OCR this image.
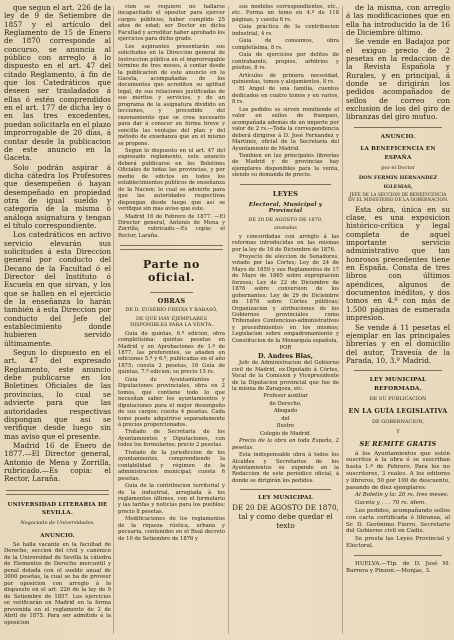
que segun el art. 226 de la ley de 9 de Setiembre de 1857 y el artículo del Reglamento de 15 de Enero de 1870 corresponde al concurso, se anuncia al público con arreglo á lo dispuesto en el art. 47 del citado Reglamento, á fin de que los Catedráticos que deseen ser trasladados á ellas ó estén comprendidos en el art. 177 de dicha ley ó en las tres excedentes, puedan solicitarla en el plazo improrrogable de 20 dias, á contar desde la publicacion de este anuncio en la Gaceta.

Solo podrán aspirar á dicha cátedra los Profesores que desempeñen ó hayan desempeñado en propiedad otra de igual sueldo y categoría de la misma ó análoga asignatura y tengan el título correspondiente.

Los catedráticos en activo servicio elevarán sus solicitudes á esta Direccion general por conducto del Decano de la Facultad ó el Director del Instituto ó Escuela en que sirvan, y los que se hallen en el ejercicio de la enseñanza lo harán también á esta Direccion por conducto del Jefe del establecimiento donde hubieren servido últimamente.

Segun lo dispuesto en el art. 47 del expresado Reglamento, este anuncio debe publicarse en los Boletines Oficiales de las provincias, lo cual se advierte para que las autoridades respectivas dispongan que así se verifique desde luego sin mas aviso que el presente.

Madrid 16 de Enero de 1877.—El Director general, Antonio de Mena y Zorrilla, rubricado.—Es copia: el Rector, Laraña.

UNIVERSIDAD LITERARIA DE SEVILLA.
Negociado de Universidades.
ANUNCIO.

Se halla vacante en la facultad de Derecho, seccion del civil y canónico de la Universidad de Sevilla la cátedra de Elementos de Derecho mercantil y penal dotada con el sueldo anual de 3000 pesetas, la cual se ha de proveer por oposicion con arreglo á lo dispuesto en el art. 226 de la ley de 9 de Setiembre de 1857. Los ejercicios se verificarán en Madrid en la forma prevenida en el reglamento de 2 de Abril de 1875. Para ser admitido á la oposicion

cion se requiere no hallarse incapacitado el opositor para ejercer cargos públicos; haber cumplido 25 años de edad; ser Doctor en dicha Facultad y acreditar haber aprobado los ejercicios para dicho grado.

Los aspirantes presentarán sus solicitudes en la Direccion general de Instruccion pública en el improrrogable término de tres meses, á contar desde la publicacion de este anuncio en la Gaceta, acompañadas de los documentos que acrediten su aptitud legal, de sus relaciones justificadas de sus méritos y servicios, y de un programa de la asignatura dividido en lecciones, y precedido del razonamiento que se crea necesario para dar á conocer en forma breve y sencilla las ventajas del plan y del método de enseñanza que en el mismo se propone.

Segun lo dispuesto en el art. 47 del expresado reglamento, este anuncio deberá publicarse en los Boletines Oficiales de todas las provincias, y por medio de edictos en todos los establecimientos públicos de enseñanza de la Nacion; lo cual se advierte para que las autoridades respectivas dispongan desde luego que así se verifique sin mas aviso que este.

Madrid 16 de Febrero de 1877. —El Director general, Antonio de Mena y Zorrilla, rubricado.—Es copia: el Rector, Laraña.

Parte no oficial.
OBRAS
DE D. EUSEBIO FREIXA Y RABASÓ,
DE QUE HAY EJEMPLARES DISPONIBLES PARA LA VENTA.

Guia de quintas, 6.ª edicion, obra completísima: quintas pesetas en Madrid y en Aprobaciones de 1.º de 1877, las preferentes, se añaden en ediciones 5.ª y 6.ª, publicadas en el año 1875; cuesta 2 pesetas, 18 Guía de quintas, 7.ª edicion; su precio 15 rs.

Guia de Ayuntamientos y Diputaciones provinciales, obra en 2 tomos, que contiene todo lo que necesitan saber los ayuntamientos y diputaciones para el mejor desempeño de sus cargos; cuesta 4 pesetas. Cada tomo puede adquirirse separadamente á precios proporcionados.

Tratado de Secretaría de los Ayuntamientos y Diputaciones, con todos los formularios; precio 2 pesetas.

Tratado de la jurisdiccion de los ayuntamientos, comprendiendo la contabilidad y régimen de la administracion municipal; cuesta 6 pesetas.

Guia de la contribucion territorial y de la industrial, arreglada á los reglamentos últimos, con el formulario y las tarifas y noticias para los pueblos; precio 8 pesetas.

Modificaciones de los reglamentos de la riqueza rústica, urbana y pecuaria, contenidos en el Real decreto de 10 de Setiembre de 1876 y

sus modelos correspondientes, etc., etc. Forma un tomo en 4.º de 118 páginas, y cuesta 6 rs.

Guia práctica de la contribucion industrial, 4 rs.

Guia de consumos, obra completísima, 8 rs.

Guía de ejercicios por delitos de contrabando, propios, arbitrios y pósitos, 8 rs.

Artículos de primera necesidad, quinientas, tomos y alojamientos, 8 rs.

El Angel de una familia, cuentos dedicados en cuatro tomos y en varios, 8 rs.

Los pedidos se sirven remitiendo el valor en sellos de franqueo, acompañada además de un importe por valor de 2 rs.—Toda la correspondencia deberá dirigirse á D. José Fernandez y Martinez, oficial de la Secretaría del Ayuntamiento de Madrid.

Tambien en las principales librerías de Madrid y de provincias hay ejemplares disponibles para la venta, siendo su demanda de precio.

LEYES
Electoral, Municipal y Provincial
DE 20 DE AGOSTO DE 1870,
anotadas

y concordadas con arreglo á las reformas introducidas en las mismas por la ley de 16 de Diciembre de 1876.

Proyecto de eleccion de Senadores, votado por las Córtes; Ley de 24 de Mayo de 1859 y sus Reglamentos de 17 de Mayo de 1865 sobre expropiacion forzosa; Ley de 22 de Diciembre de 1876 sobre conversion de los gobernantes; Ley de 29 de Diciembre de 1876 sobre Córtes públicas; Organizacion y atribuciones de los Gobiernos provinciales como Tribunales Contencioso-administrativos y procedimientos en los mismos; Legislacion sobre empadronamiento y Constitucion de la Monarquía española,

POR
D. Andres Blas,

Jefe de Administracion del Gobierno civil de Madrid, ex-Diputado á Córtes, Vocal de la Comision y Vicepresidente de la Diputacion provincial que fue de la misma de Zaragoza, etc.

Profesor auxiliar
de Derecho,
Abogado
del
Ilustre
Colegio de Madrid.

Precio de la obra en toda España, 2 pesetas.

Esta indispensable obra á todos los Alcaldes y Secretarios de los Ayuntamientos se expende en la Redaccion de este periódico oficial, á donde se dirigirán los pedidos.

LEY MUNICIPAL
DE 20 DE AGOSTO DE 1870,
tal y como debe quedar el texto

de la misma, con arreglo á las modificaciones que en ella ha introducido la de 16 de Diciembre último.

Se vende en Badajoz por el exiguo precio de 2 pesetas en la redaccion de la Revista Española y Rurales, y en principal, á donde se dirigirán los pedidos acompañados de sellos de correo con exclusion de los del giro de libranzas del giro mutuo.

ANUNCIO.
LA BENEFICENCIA EN ESPAÑA
por el Doctor
DON FERMIN HERNANDEZ IGLESIAS,
JEFE DE LA SECCION DE BENEFICENCIA EN EL MINISTERIO DE LA GOBERNACION.

Esta obra, única en su clase, es una exposicion histórico-crítica y legal completa de aquel importante servicio administrativo que tan honrosos precedentes tiene en España. Consta de tres libros con últimos apéndices, algunos de documentos inéditos, y dos tomos en 4.º con más de 1.500 páginas de esmerada impresion.

Se vende á 11 pesetas el ejemplar en las principales librerías y en el domicilio del autor, Travesía de la Parada, 10, 3.º Madrid.

LEY MUNICIPAL REFORMADA.
DE SU PUBLICACION
EN LA GUÍA LEGISLATIVA
DE GOBERNACION,
Y
SE REMITE GRATIS

á los Ayuntamientos que estén suscritos á la obra ó se suscriban hasta 1.º de Febrero. Para los no suscritores, 3 reales. A los editores y libreros, 50 por 100 de descuento, pasando de diez ejemplares.

Al Boletín y la: 20 rs. tres meses.

Gaceta y . . . 70 rs. idem.

Los pedidos, acompañando sellos con carta certificada ó libranza, al Sr. D. Gerónimo Fierro, Secretario del Gobierno civil en Cádiz.

Se presta las Leyes Provincial y Electoral.

HUELVA.—Tip. de D. José M. Barrera y Pinzon.—Monjas, 3.
